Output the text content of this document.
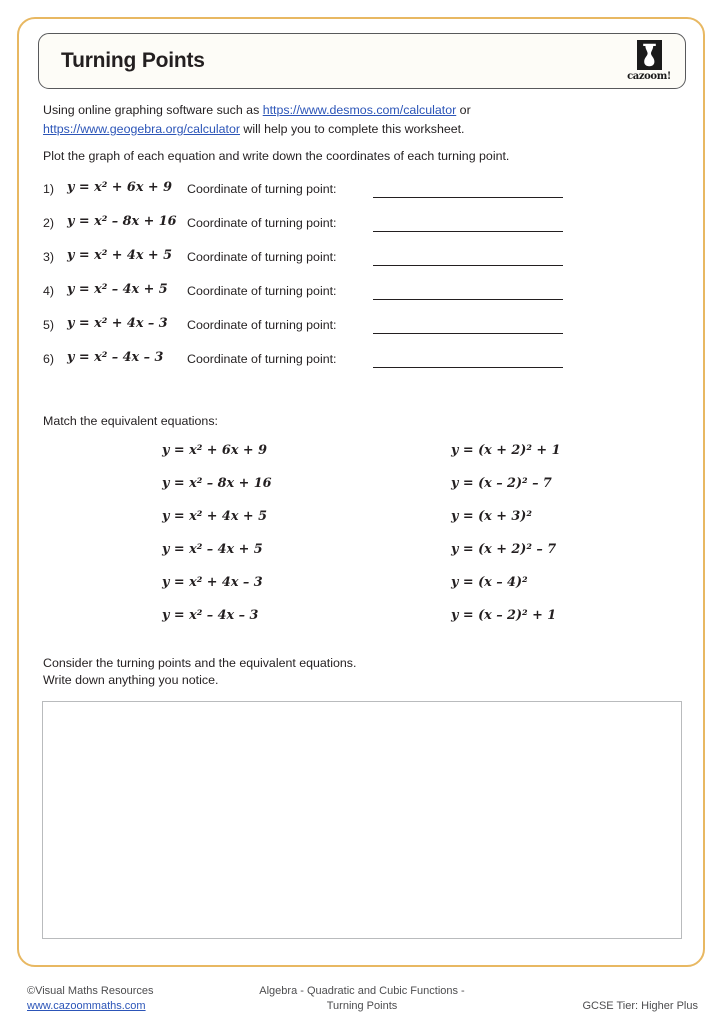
Turning Points
cazoom!
Using online graphing software such as https://www.desmos.com/calculator or https://www.geogebra.org/calculator will help you to complete this worksheet.
Plot the graph of each equation and write down the coordinates of each turning point.
1) y = x² + 6x + 9 Coordinate of turning point:
2) y = x² – 8x + 16 Coordinate of turning point:
3) y = x² + 4x + 5 Coordinate of turning point:
4) y = x² – 4x + 5 Coordinate of turning point:
5) y = x² + 4x – 3 Coordinate of turning point:
6) y = x² – 4x – 3 Coordinate of turning point:
Match the equivalent equations:
y = x² + 6x + 9	y = (x + 2)² + 1
y = x² – 8x + 16	y = (x – 2)² – 7
y = x² + 4x + 5	y = (x + 3)²
y = x² – 4x + 5	y = (x + 2)² – 7
y = x² + 4x – 3	y = (x – 4)²
y = x² – 4x – 3	y = (x – 2)² + 1
Consider the turning points and the equivalent equations.
Write down anything you notice.
©Visual Maths Resources
www.cazoommaths.com
Algebra - Quadratic and Cubic Functions -
Turning Points	GCSE Tier: Higher Plus
